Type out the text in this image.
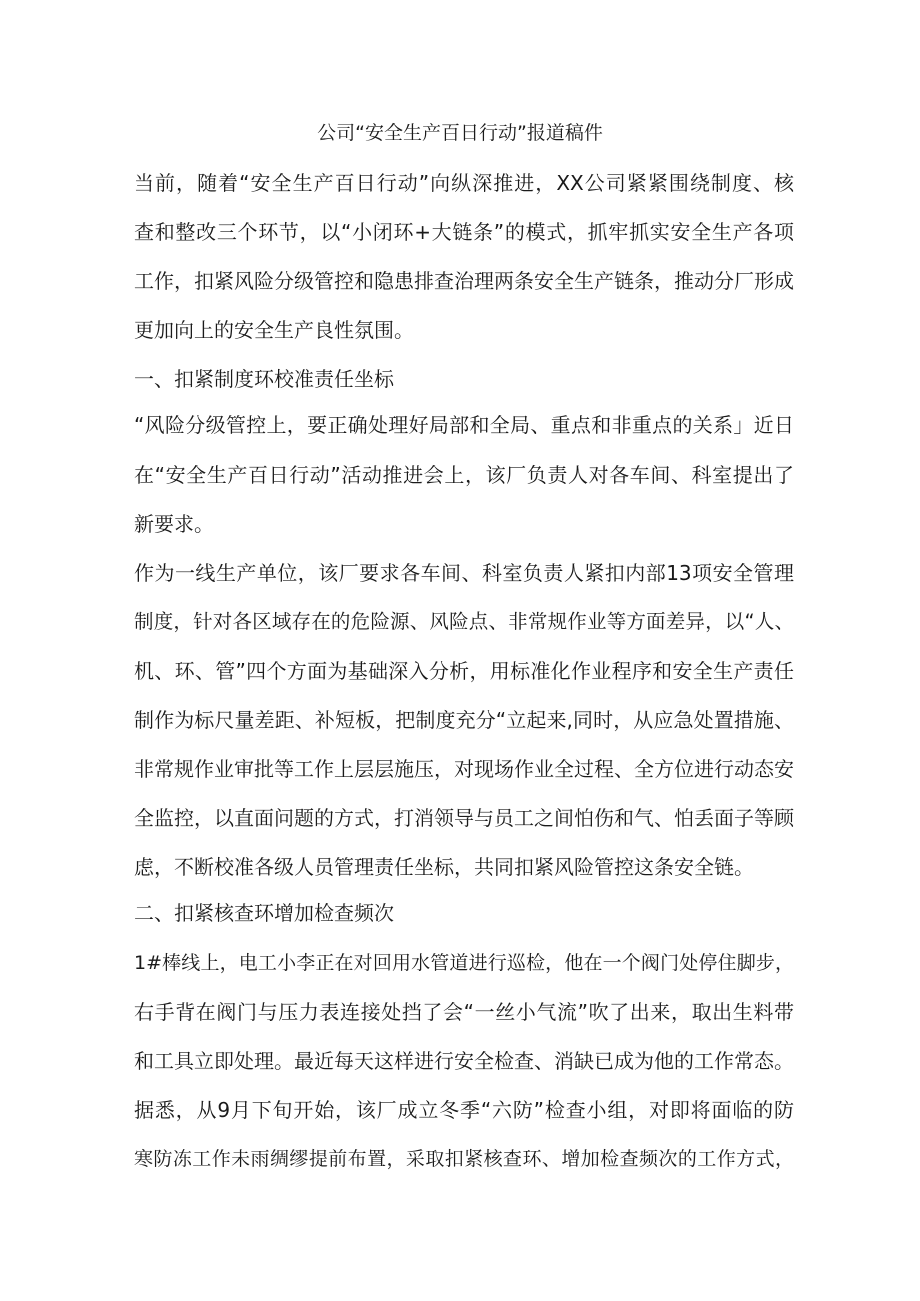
公司“安全生产百日行动”报道稿件
当前，随着“安全生产百日行动”向纵深推进，XX公司紧紧围绕制度、核
查和整改三个环节，以“小闭环+大链条”的模式，抓牢抓实安全生产各项
工作，扣紧风险分级管控和隐患排查治理两条安全生产链条，推动分厂形成
更加向上的安全生产良性氛围。
一、扣紧制度环校准责任坐标
“风险分级管控上，要正确处理好局部和全局、重点和非重点的关系」近日
在“安全生产百日行动”活动推进会上，该厂负责人对各车间、科室提出了
新要求。
作为一线生产单位，该厂要求各车间、科室负责人紧扣内部13项安全管理
制度，针对各区域存在的危险源、风险点、非常规作业等方面差异，以“人、
机、环、管”四个方面为基础深入分析，用标准化作业程序和安全生产责任
制作为标尺量差距、补短板，把制度充分“立起来,同时，从应急处置措施、
非常规作业审批等工作上层层施压，对现场作业全过程、全方位进行动态安
全监控，以直面问题的方式，打消领导与员工之间怕伤和气、怕丢面子等顾
虑，不断校准各级人员管理责任坐标，共同扣紧风险管控这条安全链。
二、扣紧核查环增加检查频次
1#棒线上，电工小李正在对回用水管道进行巡检，他在一个阀门处停住脚步，
右手背在阀门与压力表连接处挡了会“一丝小气流”吹了出来，取出生料带
和工具立即处理。最近每天这样进行安全检查、消缺已成为他的工作常态。
据悉，从9月下旬开始，该厂成立冬季“六防”检查小组，对即将面临的防
寒防冻工作未雨绸缪提前布置，采取扣紧核查环、增加检查频次的工作方式，
